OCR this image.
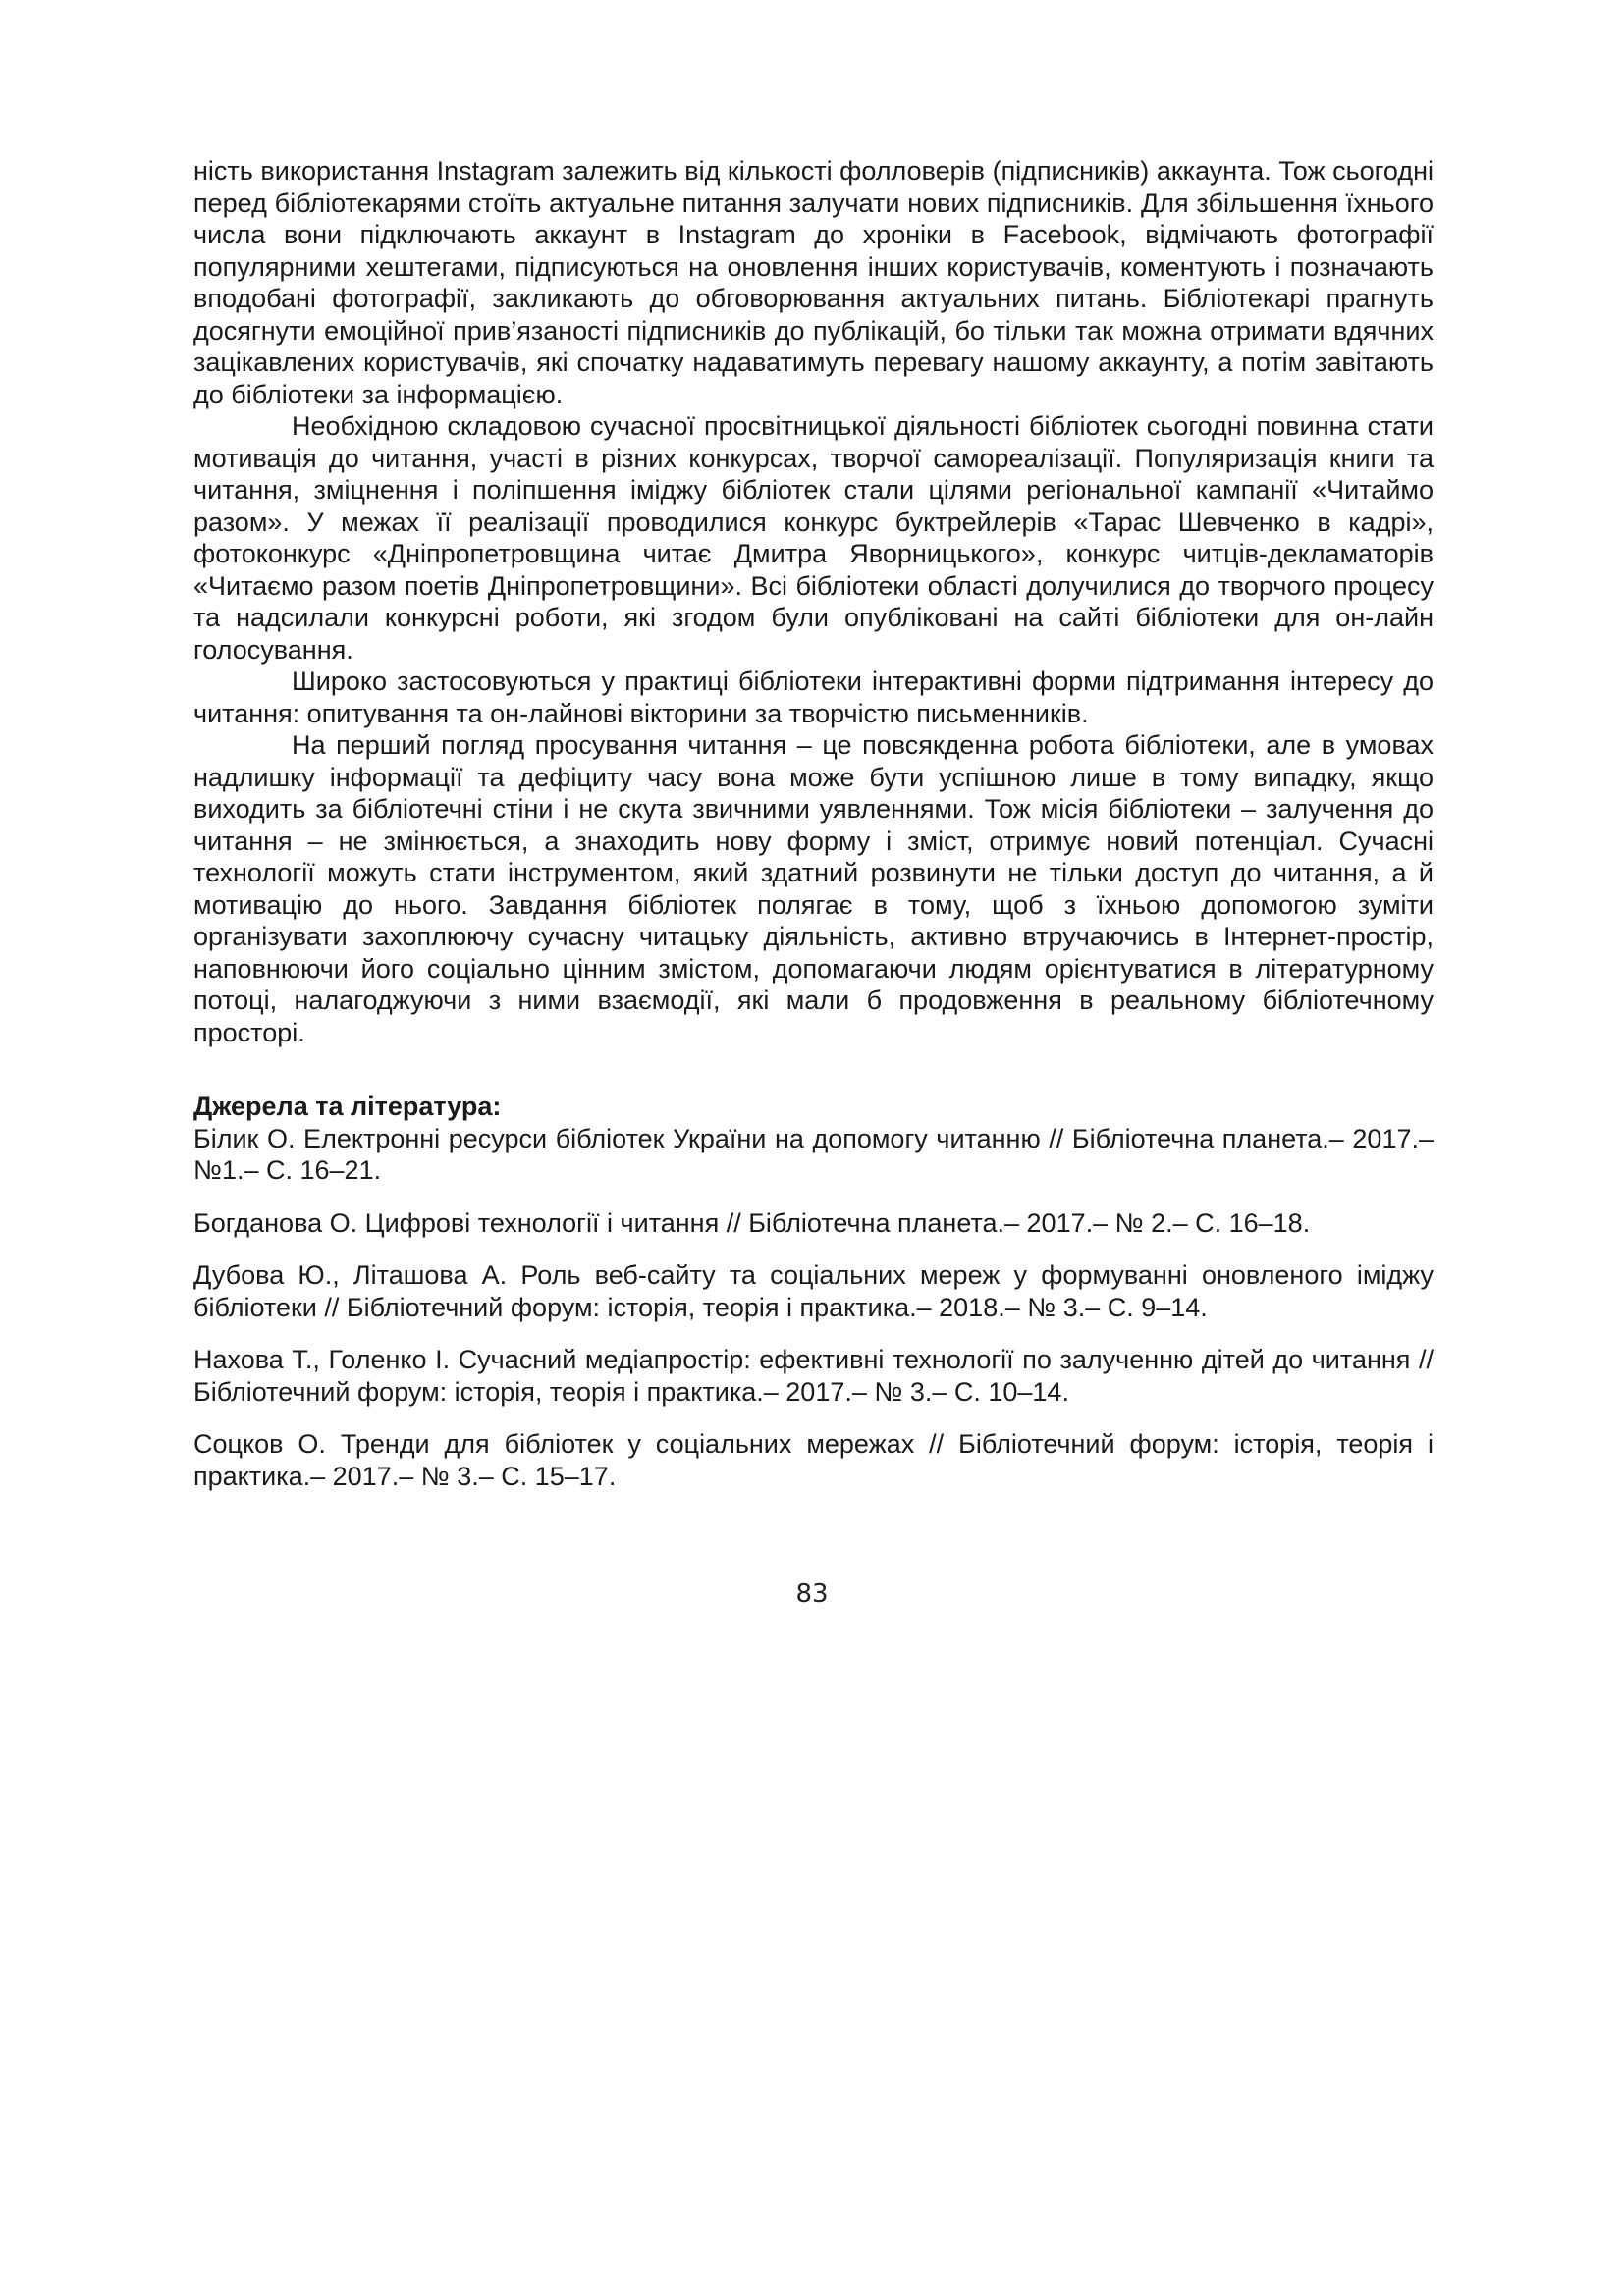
ність використання Instagram залежить від кількості фолловерів (підписників) аккаунта. Тож сьогодні перед бібліотекарями стоїть актуальне питання залучати нових підписників. Для збільшення їхнього числа вони підключають аккаунт в Instagram до хроніки в Facebook, відмічають фотографії популярними хештегами, підписуються на оновлення інших користувачів, коментують і позначають вподобані фотографії, закликають до обговорювання актуальних питань. Бібліотекарі прагнуть досягнути емоційної прив’язаності підписників до публікацій, бо тільки так можна отримати вдячних зацікавлених користувачів, які спочатку надаватимуть перевагу нашому аккаунту, а потім завітають до бібліотеки за інформацією.

Необхідною складовою сучасної просвітницької діяльності бібліотек сьогодні повинна стати мотивація до читання, участі в різних конкурсах, творчої самореалізації. Популяризація книги та читання, зміцнення і поліпшення іміджу бібліотек стали цілями регіональної кампанії «Читаймо разом». У межах її реалізації проводилися конкурс буктрейлерів «Тарас Шевченко в кадрі», фотоконкурс «Дніпропетровщина читає Дмитра Яворницького», конкурс читців-декламаторів «Читаємо разом поетів Дніпропетровщини». Всі бібліотеки області долучилися до творчого процесу та надсилали конкурсні роботи, які згодом були опубліковані на сайті бібліотеки для он-лайн голосування.

Широко застосовуються у практиці бібліотеки інтерактивні форми підтримання інтересу до читання: опитування та он-лайнові вікторини за творчістю письменників.

На перший погляд просування читання – це повсякденна робота бібліотеки, але в умовах надлишку інформації та дефіциту часу вона може бути успішною лише в тому випадку, якщо виходить за бібліотечні стіни і не скута звичними уявленнями. Тож місія бібліотеки – залучення до читання – не змінюється, а знаходить нову форму і зміст, отримує новий потенціал. Сучасні технології можуть стати інструментом, який здатний розвинути не тільки доступ до читання, а й мотивацію до нього. Завдання бібліотек полягає в тому, щоб з їхньою допомогою зуміти організувати захоплюючу сучасну читацьку діяльність, активно втручаючись в Інтернет-простір, наповнюючи його соціально цінним змістом, допомагаючи людям орієнтуватися в літературному потоці, налагоджуючи з ними взаємодії, які мали б продовження в реальному бібліотечному просторі.

Джерела та література:

Білик О. Електронні ресурси бібліотек України на допомогу читанню // Бібліотечна планета.– 2017.– №1.– С. 16–21.

Богданова О. Цифрові технології і читання // Бібліотечна планета.– 2017.– № 2.– С. 16–18.

Дубова Ю., Літашова А. Роль веб-сайту та соціальних мереж у формуванні оновленого іміджу бібліотеки // Бібліотечний форум: історія, теорія і практика.– 2018.– № 3.– С. 9–14.

Нахова Т., Голенко І. Сучасний медіапростір: ефективні технології по залученню дітей до читання // Бібліотечний форум: історія, теорія і практика.– 2017.– № 3.– С. 10–14.

Соцков О. Тренди для бібліотек у соціальних мережах // Бібліотечний форум: історія, теорія і практика.– 2017.– № 3.– С. 15–17.

83
